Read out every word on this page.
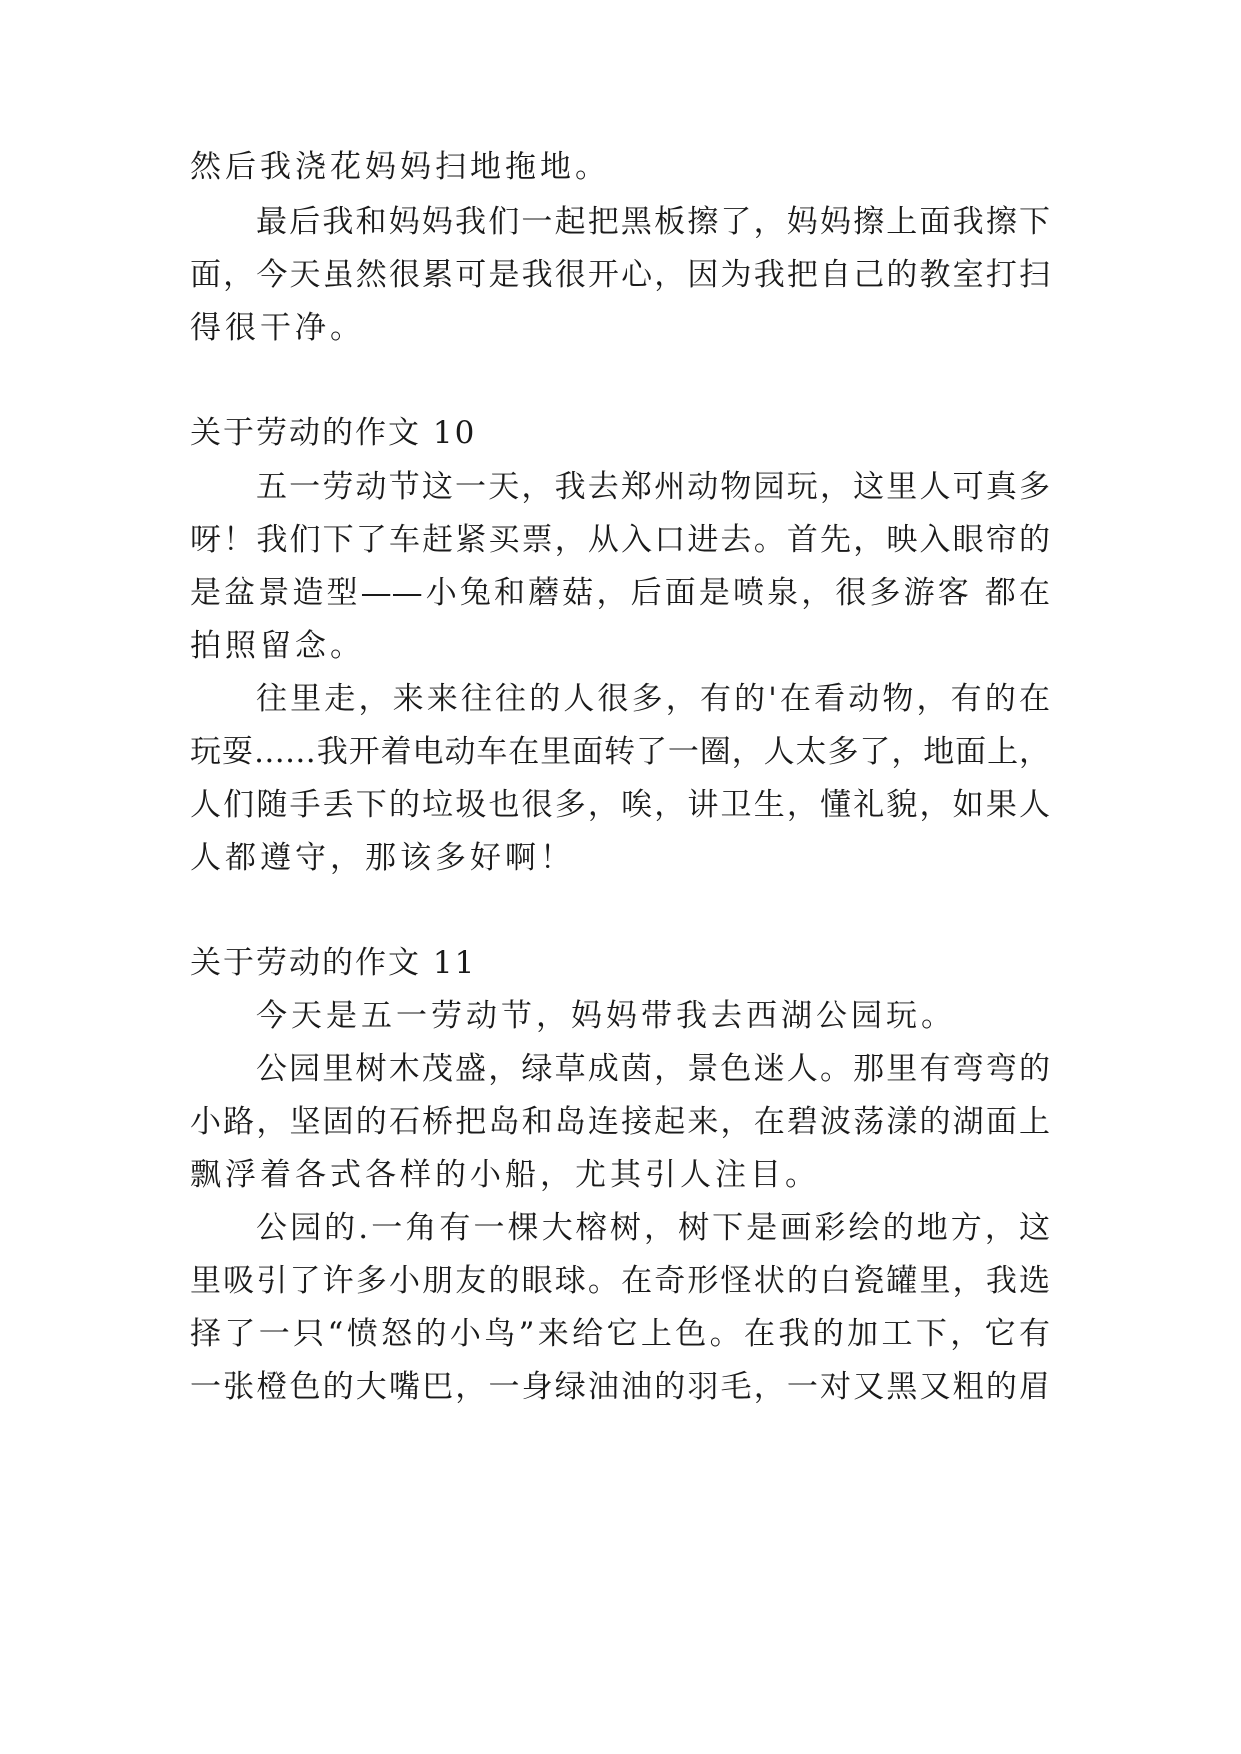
然后我浇花妈妈扫地拖地。
最后我和妈妈我们一起把黑板擦了，妈妈擦上面我擦下
面，今天虽然很累可是我很开心，因为我把自己的教室打扫
得很干净。
关于劳动的作文 10
五一劳动节这一天，我去郑州动物园玩，这里人可真多
呀！我们下了车赶紧买票，从入口进去。首先，映入眼帘的
是盆景造型——小兔和蘑菇，后面是喷泉，很多游客 都在
拍照留念。
往里走，来来往往的人很多，有的'在看动物，有的在
玩耍……我开着电动车在里面转了一圈，人太多了，地面上，
人们随手丢下的垃圾也很多，唉，讲卫生，懂礼貌，如果人
人都遵守，那该多好啊！
关于劳动的作文 11
今天是五一劳动节，妈妈带我去西湖公园玩。
公园里树木茂盛，绿草成茵，景色迷人。那里有弯弯的
小路，坚固的石桥把岛和岛连接起来，在碧波荡漾的湖面上
飘浮着各式各样的小船，尤其引人注目。
公园的.一角有一棵大榕树，树下是画彩绘的地方，这
里吸引了许多小朋友的眼球。在奇形怪状的白瓷罐里，我选
择了一只“愤怒的小鸟”来给它上色。在我的加工下，它有
一张橙色的大嘴巴，一身绿油油的羽毛，一对又黑又粗的眉
